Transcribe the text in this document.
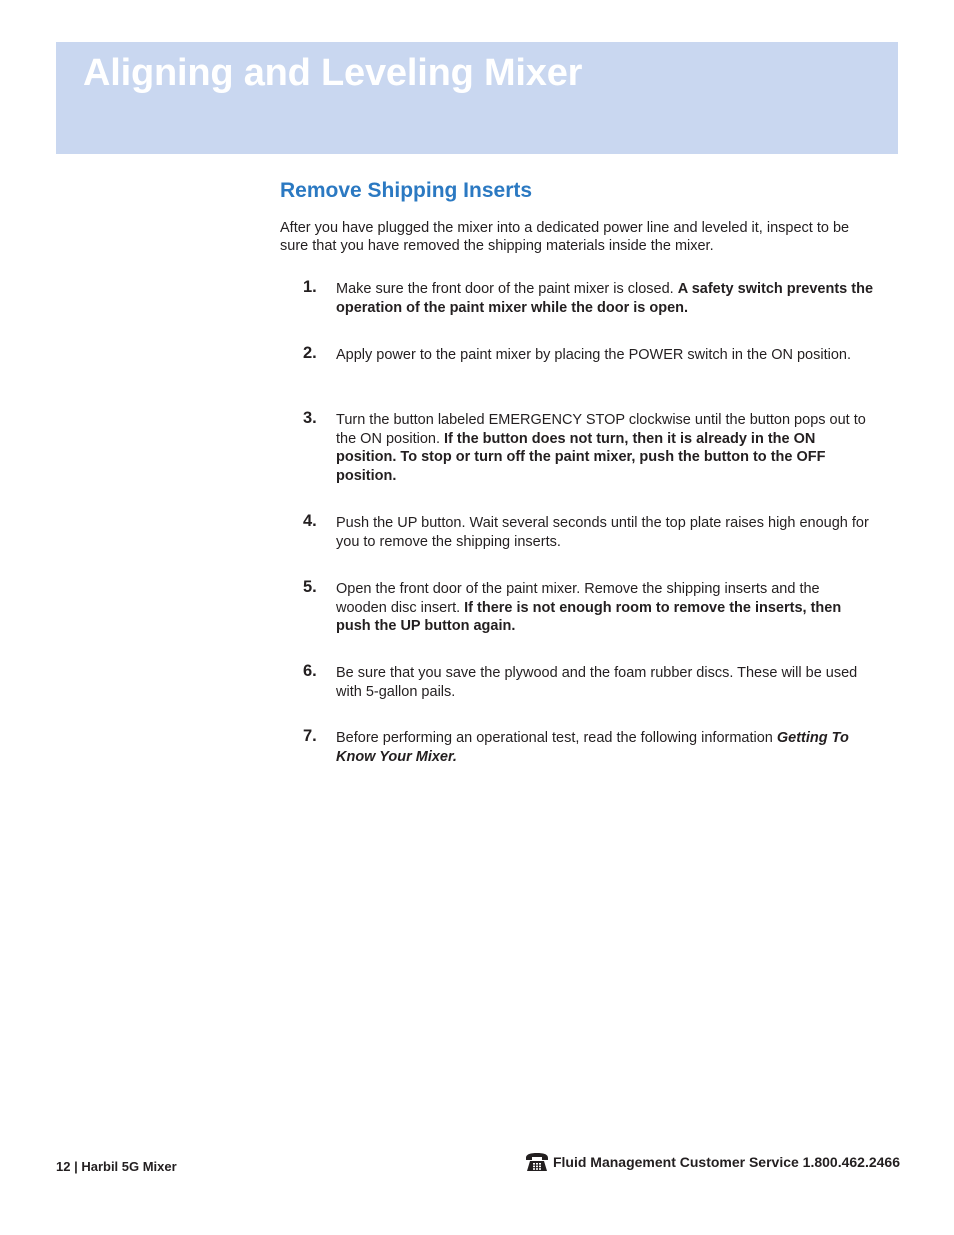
Aligning and Leveling Mixer
Remove Shipping Inserts

After you have plugged the mixer into a dedicated power line and leveled it, inspect to be sure that you have removed the shipping materials inside the mixer.

1. Make sure the front door of the paint mixer is closed. A safety switch prevents the operation of the paint mixer while the door is open.
2. Apply power to the paint mixer by placing the POWER switch in the ON position.
3. Turn the button labeled EMERGENCY STOP clockwise until the button pops out to the ON position. If the button does not turn, then it is already in the ON position. To stop or turn off the paint mixer, push the button to the OFF position.
4. Push the UP button. Wait several seconds until the top plate raises high enough for you to remove the shipping inserts.
5. Open the front door of the paint mixer. Remove the shipping inserts and the wooden disc insert. If there is not enough room to remove the inserts, then push the UP button again.
6. Be sure that you save the plywood and the foam rubber discs. These will be used with 5-gallon pails.
7. Before performing an operational test, read the following information Getting To Know Your Mixer.
12 | Harbil 5G Mixer	Fluid Management Customer Service 1.800.462.2466
